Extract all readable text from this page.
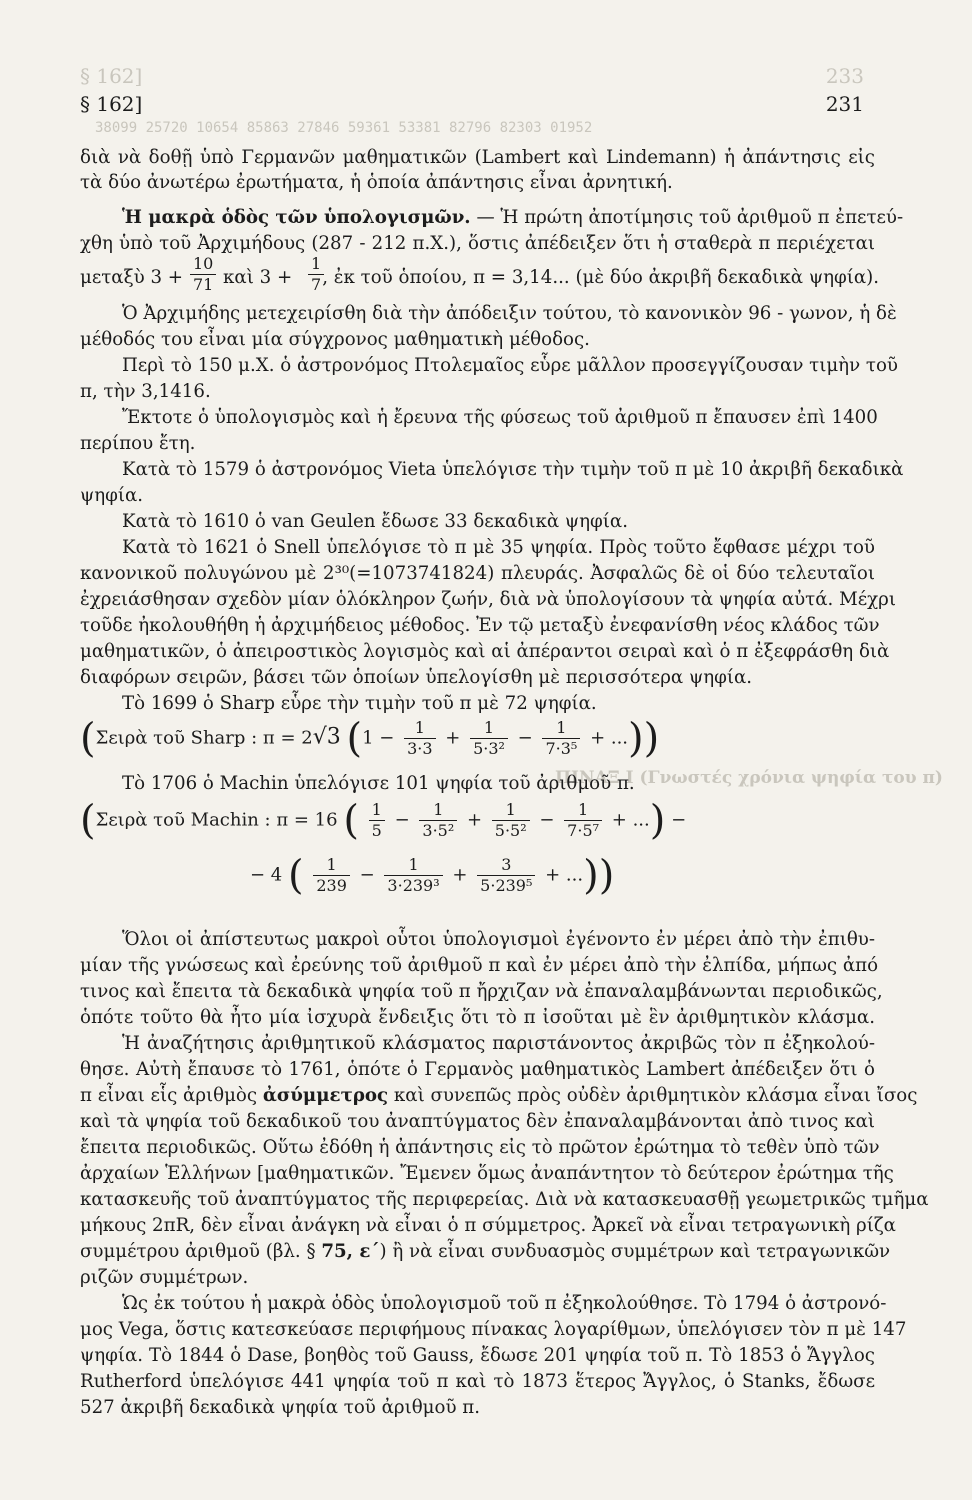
§ 162]	233
38099 25720 10654 85863 27846 59361 53381 82796 82303 01952
ΠΙΝΑΞ Ι (Γνωστές χρόνια ψηφία του π)
§ 162]	231
διὰ νὰ δοθῇ ὑπὸ Γερμανῶν μαθηματικῶν (Lambert καὶ Lindemann) ἡ ἀπάντησις εἰς
τὰ δύο ἀνωτέρω ἐρωτήματα, ἡ ὁποία ἀπάντησις εἶναι ἀρνητική.
Ἡ μακρὰ ὁδὸς τῶν ὑπολογισμῶν. — Ἡ πρώτη ἀποτίμησις τοῦ ἀριθμοῦ π ἐπετεύ-
χθη ὑπὸ τοῦ Ἀρχιμήδους (287 - 212 π.Χ.), ὅστις ἀπέδειξεν ὅτι ἡ σταθερὰ π περιέχεται
μεταξὺ 3 + καὶ 3 + , ἐκ τοῦ ὁποίου, π = 3,14... (μὲ δύο ἀκριβῆ δεκαδικὰ ψηφία).
$\frac{10}{71}$	$\frac{1}{7}$
Ὁ Ἀρχιμήδης μετεχειρίσθη διὰ τὴν ἀπόδειξιν τούτου, τὸ κανονικὸν 96 - γωνον, ἡ δὲ
μέθοδός του εἶναι μία σύγχρονος μαθηματικὴ μέθοδος.
Περὶ τὸ 150 μ.Χ. ὁ ἀστρονόμος Πτολεμαῖος εὗρε μᾶλλον προσεγγίζουσαν τιμὴν τοῦ
π, τὴν 3,1416.
Ἔκτοτε ὁ ὑπολογισμὸς καὶ ἡ ἔρευνα τῆς φύσεως τοῦ ἀριθμοῦ π ἔπαυσεν ἐπὶ 1400
περίπου ἔτη.
Κατὰ τὸ 1579 ὁ ἀστρονόμος Vieta ὑπελόγισε τὴν τιμὴν τοῦ π μὲ 10 ἀκριβῆ δεκαδικὰ
ψηφία.
Κατὰ τὸ 1610 ὁ van Geulen ἔδωσε 33 δεκαδικὰ ψηφία.
Κατὰ τὸ 1621 ὁ Snell ὑπελόγισε τὸ π μὲ 35 ψηφία. Πρὸς τοῦτο ἔφθασε μέχρι τοῦ
κανονικοῦ πολυγώνου μὲ 2³⁰(=1073741824) πλευράς. Ἀσφαλῶς δὲ οἱ δύο τελευταῖοι
ἐχρειάσθησαν σχεδὸν μίαν ὁλόκληρον ζωήν, διὰ νὰ ὑπολογίσουν τὰ ψηφία αὐτά. Μέχρι
τοῦδε ἠκολουθήθη ἡ ἀρχιμήδειος μέθοδος. Ἐν τῷ μεταξὺ ἐνεφανίσθη νέος κλάδος τῶν
μαθηματικῶν, ὁ ἀπειροστικὸς λογισμὸς καὶ αἱ ἀπέραντοι σειραὶ καὶ ὁ π ἐξεφράσθη διὰ
διαφόρων σειρῶν, βάσει τῶν ὁποίων ὑπελογίσθη μὲ περισσότερα ψηφία.
Τὸ 1699 ὁ Sharp εὗρε τὴν τιμὴν τοῦ π μὲ 72 ψηφία.
(Σειρὰ τοῦ Sharp : π = 2√3 ($1 - \frac{1}{3\cdot 3} + \frac{1}{\text{5·3²}} - \frac{1}{\text{7·3⁵}}$ + ...))
Τὸ 1706 ὁ Machin ὑπελόγισε 101 ψηφία τοῦ ἀριθμοῦ π.
(Σειρὰ τοῦ Machin : π = 16 ( $\frac{1}{5} - \frac{1}{\text{3·5²}} + \frac{1}{\text{5·5²}} - \frac{1}{\text{7·5⁷}}$ + ...) −
− 4 ( $\frac{1}{239} - \frac{1}{\text{3·239³}} + \frac{3}{\text{5·239⁵}}$ + ...))
Ὅλοι οἱ ἀπίστευτως μακροὶ οὗτοι ὑπολογισμοὶ ἐγένοντο ἐν μέρει ἀπὸ τὴν ἐπιθυ-
μίαν τῆς γνώσεως καὶ ἐρεύνης τοῦ ἀριθμοῦ π καὶ ἐν μέρει ἀπὸ τὴν ἐλπίδα, μήπως ἀπό
τινος καὶ ἔπειτα τὰ δεκαδικὰ ψηφία τοῦ π ἤρχιζαν νὰ ἐπαναλαμβάνωνται περιοδικῶς,
ὁπότε τοῦτο θὰ ἦτο μία ἰσχυρὰ ἔνδειξις ὅτι τὸ π ἰσοῦται μὲ ἓν ἀριθμητικὸν κλάσμα.
Ἡ ἀναζήτησις ἀριθμητικοῦ κλάσματος παριστάνοντος ἀκριβῶς τὸν π ἐξηκολού-
θησε. Αὐτὴ ἔπαυσε τὸ 1761, ὁπότε ὁ Γερμανὸς μαθηματικὸς Lambert ἀπέδειξεν ὅτι ὁ
π εἶναι εἷς ἀριθμὸς ἀσύμμετρος καὶ συνεπῶς πρὸς οὐδὲν ἀριθμητικὸν κλάσμα εἶναι ἴσος
καὶ τὰ ψηφία τοῦ δεκαδικοῦ του ἀναπτύγματος δὲν ἐπαναλαμβάνονται ἀπὸ τινος καὶ
ἔπειτα περιοδικῶς. Οὕτω ἐδόθη ἡ ἀπάντησις εἰς τὸ πρῶτον ἐρώτημα τὸ τεθὲν ὑπὸ τῶν
ἀρχαίων Ἑλλήνων [μαθηματικῶν. Ἔμενεν ὅμως ἀναπάντητον τὸ δεύτερον ἐρώτημα τῆς
κατασκευῆς τοῦ ἀναπτύγματος τῆς περιφερείας. Διὰ νὰ κατασκευασθῇ γεωμετρικῶς τμῆμα
μήκους 2πR, δὲν εἶναι ἀνάγκη νὰ εἶναι ὁ π σύμμετρος. Ἀρκεῖ νὰ εἶναι τετραγωνικὴ ρίζα
συμμέτρου ἀριθμοῦ (βλ. § 75, ε΄) ἢ νὰ εἶναι συνδυασμὸς συμμέτρων καὶ τετραγωνικῶν
ριζῶν συμμέτρων.
Ὡς ἐκ τούτου ἡ μακρὰ ὁδὸς ὑπολογισμοῦ τοῦ π ἐξηκολούθησε. Τὸ 1794 ὁ ἀστρονό-
μος Vega, ὅστις κατεσκεύασε περιφήμους πίνακας λογαρίθμων, ὑπελόγισεν τὸν π μὲ 147
ψηφία. Τὸ 1844 ὁ Dase, βοηθὸς τοῦ Gauss, ἔδωσε 201 ψηφία τοῦ π. Τὸ 1853 ὁ Ἄγγλος
Rutherford ὑπελόγισε 441 ψηφία τοῦ π καὶ τὸ 1873 ἕτερος Ἄγγλος, ὁ Stanks, ἔδωσε
527 ἀκριβῆ δεκαδικὰ ψηφία τοῦ ἀριθμοῦ π.
